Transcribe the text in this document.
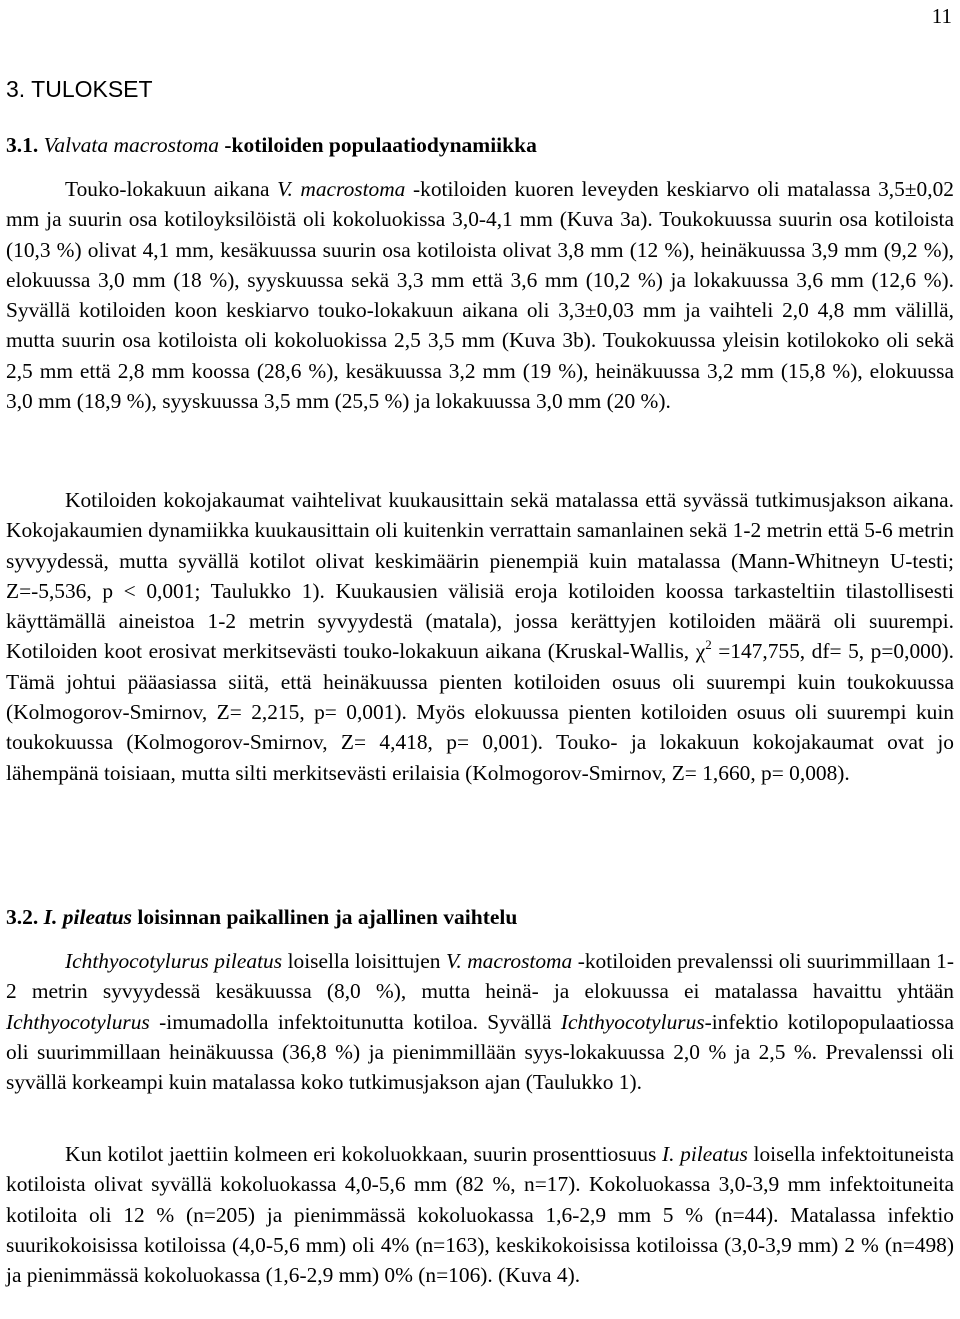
11
3. TULOKSET
3.1. Valvata macrostoma -kotiloiden populaatiodynamiikka

Touko-lokakuun aikana V. macrostoma -kotiloiden kuoren leveyden keskiarvo oli matalassa 3,5±0,02 mm ja suurin osa kotiloyksilöistä oli kokoluokissa 3,0-4,1 mm (Kuva 3a). Toukokuussa suurin osa kotiloista (10,3 %) olivat 4,1 mm, kesäkuussa suurin osa kotiloista olivat 3,8 mm (12 %), heinäkuussa 3,9 mm (9,2 %), elokuussa 3,0 mm (18 %), syyskuussa sekä 3,3 mm että 3,6 mm (10,2 %) ja lokakuussa 3,6 mm (12,6 %). Syvällä kotiloiden koon keskiarvo touko-lokakuun aikana oli 3,3±0,03 mm ja vaihteli 2,0 4,8 mm välillä, mutta suurin osa kotiloista oli kokoluokissa 2,5 3,5 mm (Kuva 3b). Toukokuussa yleisin kotilokoko oli sekä 2,5 mm että 2,8 mm koossa (28,6 %), kesäkuussa 3,2 mm (19 %), heinäkuussa 3,2 mm (15,8 %), elokuussa 3,0 mm (18,9 %), syyskuussa 3,5 mm (25,5 %) ja lokakuussa 3,0 mm (20 %).

Kotiloiden kokojakaumat vaihtelivat kuukausittain sekä matalassa että syvässä tutkimusjakson aikana. Kokojakaumien dynamiikka kuukausittain oli kuitenkin verrattain samanlainen sekä 1-2 metrin että 5-6 metrin syvyydessä, mutta syvällä kotilot olivat keskimäärin pienempiä kuin matalassa (Mann-Whitneyn U-testi; Z=-5,536, p < 0,001; Taulukko 1). Kuukausien välisiä eroja kotiloiden koossa tarkasteltiin tilastollisesti käyttämällä aineistoa 1-2 metrin syvyydestä (matala), jossa kerättyjen kotiloiden määrä oli suurempi. Kotiloiden koot erosivat merkitsevästi touko-lokakuun aikana (Kruskal-Wallis, $\chi^2 =147,755$, df= 5, p=0,000). Tämä johtui pääasiassa siitä, että heinäkuussa pienten kotiloiden osuus oli suurempi kuin toukokuussa (Kolmogorov-Smirnov, Z= 2,215, p= 0,001). Myös elokuussa pienten kotiloiden osuus oli suurempi kuin toukokuussa (Kolmogorov-Smirnov, Z= 4,418, p= 0,001). Touko- ja lokakuun kokojakaumat ovat jo lähempänä toisiaan, mutta silti merkitsevästi erilaisia (Kolmogorov-Smirnov, Z= 1,660, p= 0,008).

3.2. I. pileatus loisinnan paikallinen ja ajallinen vaihtelu

Ichthyocotylurus pileatus loisella loisittujen V. macrostoma -kotiloiden prevalenssi oli suurimmillaan 1-2 metrin syvyydessä kesäkuussa (8,0 %), mutta heinä- ja elokuussa ei matalassa havaittu yhtään Ichthyocotylurus -imumadolla infektoitunutta kotiloa. Syvällä Ichthyocotylurus-infektio kotilopopulaatiossa oli suurimmillaan heinäkuussa (36,8 %) ja pienimmillään syys-lokakuussa 2,0 % ja 2,5 %. Prevalenssi oli syvällä korkeampi kuin matalassa koko tutkimusjakson ajan (Taulukko 1).

Kun kotilot jaettiin kolmeen eri kokoluokkaan, suurin prosenttiosuus I. pileatus loisella infektoituneista kotiloista olivat syvällä kokoluokassa 4,0-5,6 mm (82 %, n=17). Kokoluokassa 3,0-3,9 mm infektoituneita kotiloita oli 12 % (n=205) ja pienimmässä kokoluokassa 1,6-2,9 mm 5 % (n=44). Matalassa infektio suurikokoisissa kotiloissa (4,0-5,6 mm) oli 4% (n=163), keskikokoisissa kotiloissa (3,0-3,9 mm) 2 % (n=498) ja pienimmässä kokoluokassa (1,6-2,9 mm) 0% (n=106). (Kuva 4).
